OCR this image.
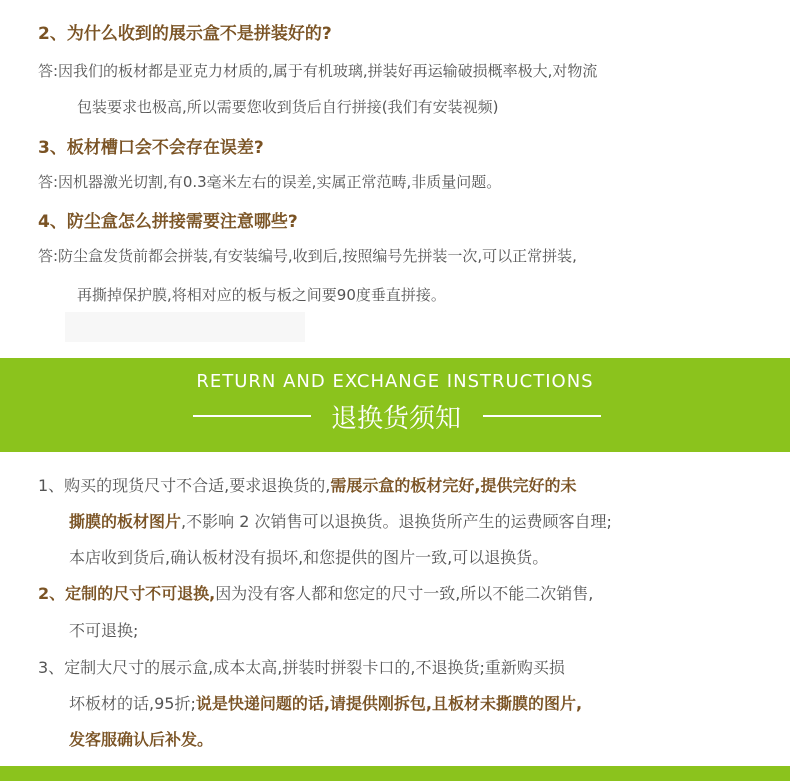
2、为什么收到的展示盒不是拼装好的?
答:因我们的板材都是亚克力材质的,属于有机玻璃,拼装好再运输破损概率极大,对物流
包装要求也极高,所以需要您收到货后自行拼接(我们有安装视频)
3、板材槽口会不会存在误差?
答:因机器激光切割,有0.3毫米左右的误差,实属正常范畴,非质量问题。
4、防尘盒怎么拼接需要注意哪些?
答:防尘盒发货前都会拼装,有安装编号,收到后,按照编号先拼装一次,可以正常拼装,
再撕掉保护膜,将相对应的板与板之间要90度垂直拼接。
RETURN AND EXCHANGE INSTRUCTIONS
退换货须知
1、购买的现货尺寸不合适,要求退换货的,需展示盒的板材完好,提供完好的未
撕膜的板材图片,不影响 2 次销售可以退换货。退换货所产生的运费顾客自理;
本店收到货后,确认板材没有损坏,和您提供的图片一致,可以退换货。
2、定制的尺寸不可退换,因为没有客人都和您定的尺寸一致,所以不能二次销售,
不可退换;
3、定制大尺寸的展示盒,成本太高,拼装时拼裂卡口的,不退换货;重新购买损
坏板材的话,95折;说是快递问题的话,请提供刚拆包,且板材未撕膜的图片,
发客服确认后补发。
